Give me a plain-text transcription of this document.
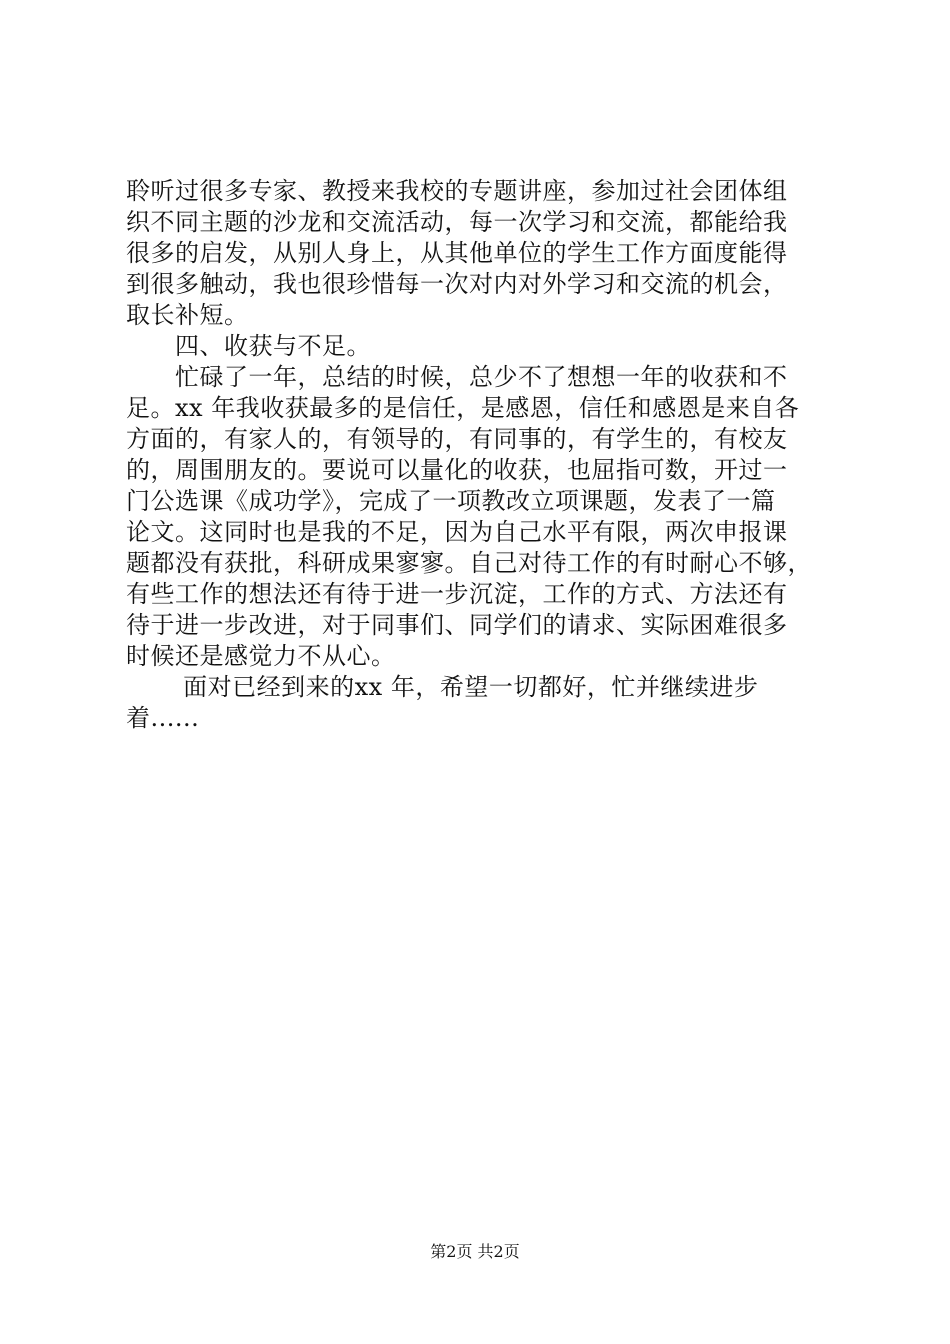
聆听过很多专家、教授来我校的专题讲座，参加过社会团体组
织不同主题的沙龙和交流活动，每一次学习和交流，都能给我
很多的启发，从别人身上，从其他单位的学生工作方面度能得
到很多触动，我也很珍惜每一次对内对外学习和交流的机会，
取长补短。
　　四、收获与不足。
　　忙碌了一年，总结的时候，总少不了想想一年的收获和不
足。xx 年我收获最多的是信任，是感恩，信任和感恩是来自各
方面的，有家人的，有领导的，有同事的，有学生的，有校友
的，周围朋友的。要说可以量化的收获，也屈指可数，开过一
门公选课《成功学》，完成了一项教改立项课题，发表了一篇
论文。这同时也是我的不足，因为自己水平有限，两次申报课
题都没有获批，科研成果寥寥。自己对待工作的有时耐心不够，
有些工作的想法还有待于进一步沉淀，工作的方式、方法还有
待于进一步改进，对于同事们、同学们的请求、实际困难很多
时候还是感觉力不从心。
　　 面对已经到来的xx 年，希望一切都好，忙并继续进步
着......
第2页 共2页
